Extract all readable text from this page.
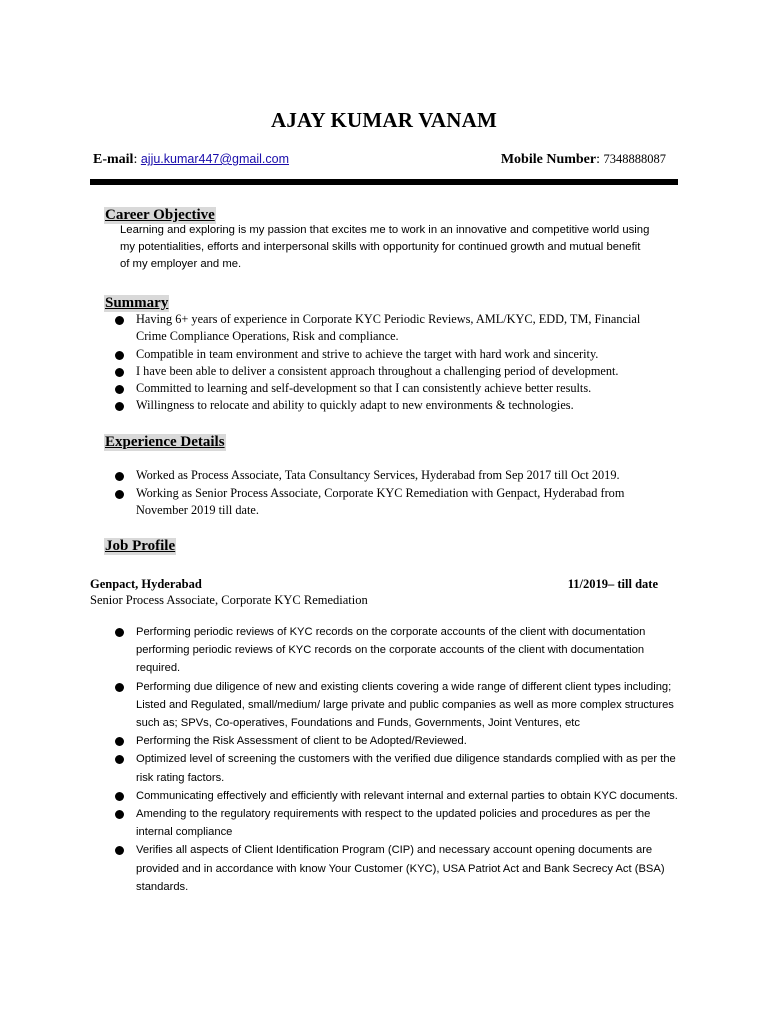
AJAY KUMAR VANAM
E-mail: ajju.kumar447@gmail.com	Mobile Number: 7348888087
Career Objective
Learning and exploring is my passion that excites me to work in an innovative and competitive world using
my potentialities, efforts and interpersonal skills with opportunity for continued growth and mutual benefit
of my employer and me.
Summary
Having 6+ years of experience in Corporate KYC Periodic Reviews, AML/KYC, EDD, TM, Financial Crime Compliance Operations, Risk and compliance.
Compatible in team environment and strive to achieve the target with hard work and sincerity.
I have been able to deliver a consistent approach throughout a challenging period of development.
Committed to learning and self-development so that I can consistently achieve better results.
Willingness to relocate and ability to quickly adapt to new environments & technologies.
Experience Details
Worked as Process Associate, Tata Consultancy Services, Hyderabad from Sep 2017 till Oct 2019.
Working as Senior Process Associate, Corporate KYC Remediation with Genpact, Hyderabad from November 2019 till date.
Job Profile
Genpact, Hyderabad	11/2019– till date
Senior Process Associate, Corporate KYC Remediation
Performing periodic reviews of KYC records on the corporate accounts of the client with documentation performing periodic reviews of KYC records on the corporate accounts of the client with documentation required.
Performing due diligence of new and existing clients covering a wide range of different client types including; Listed and Regulated, small/medium/ large private and public companies as well as more complex structures such as; SPVs, Co-operatives, Foundations and Funds, Governments, Joint Ventures, etc
Performing the Risk Assessment of client to be Adopted/Reviewed.
Optimized level of screening the customers with the verified due diligence standards complied with as per the risk rating factors.
Communicating effectively and efficiently with relevant internal and external parties to obtain KYC documents.
Amending to the regulatory requirements with respect to the updated policies and procedures as per the internal compliance
Verifies all aspects of Client Identification Program (CIP) and necessary account opening documents are provided and in accordance with know Your Customer (KYC), USA Patriot Act and Bank Secrecy Act (BSA) standards.
